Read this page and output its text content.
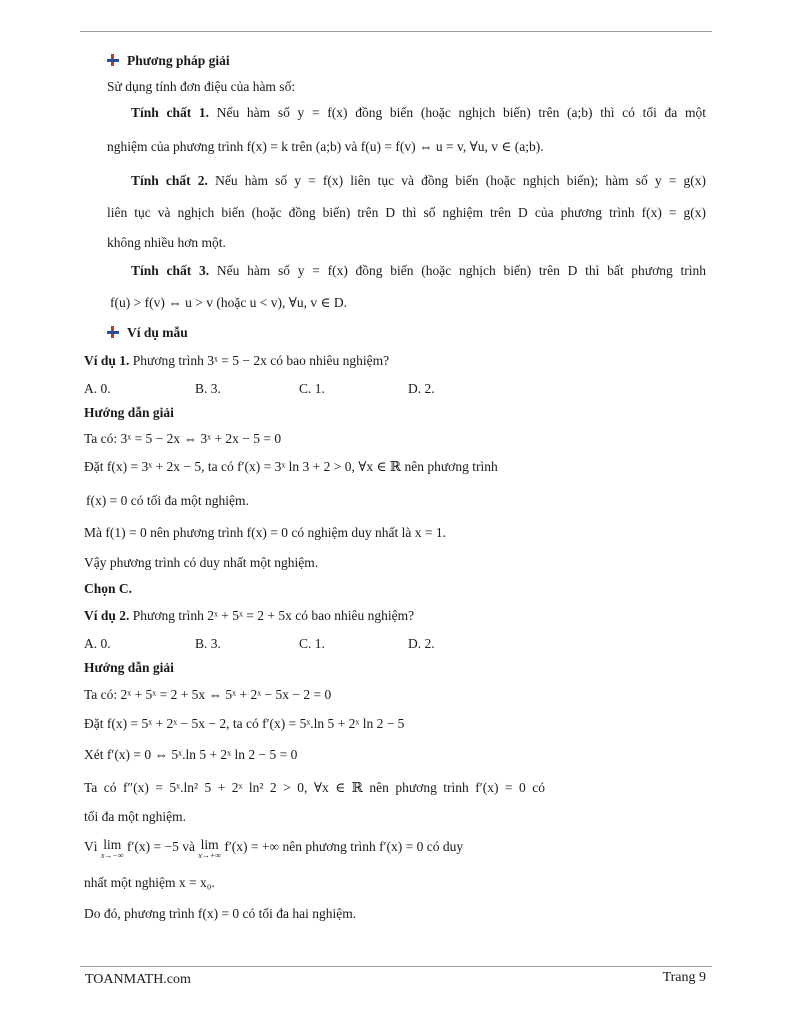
Phương pháp giải
Sử dụng tính đơn điệu của hàm số:
Tính chất 1. Nếu hàm số y = f(x) đồng biến (hoặc nghịch biến) trên (a;b) thì có tối đa một
nghiệm của phương trình f(x) = k trên (a;b) và f(u) = f(v) ⇔ u = v, ∀u, v ∈ (a;b).
Tính chất 2. Nếu hàm số y = f(x) liên tục và đồng biến (hoặc nghịch biến); hàm số y = g(x)
liên tục và nghịch biến (hoặc đồng biến) trên D thì số nghiệm trên D của phương trình f(x) = g(x)
không nhiều hơn một.
Tính chất 3. Nếu hàm số y = f(x) đồng biến (hoặc nghịch biến) trên D thì bất phương trình
f(u) > f(v) ⇔ u > v (hoặc u < v), ∀u, v ∈ D.
Ví dụ mẫu
Ví dụ 1. Phương trình 3ˣ = 5 − 2x có bao nhiêu nghiệm?
A. 0.	B. 3.	C. 1.	D. 2.
Hướng dẫn giải
Ta có: 3ˣ = 5 − 2x ⇔ 3ˣ + 2x − 5 = 0
Đặt f(x) = 3ˣ + 2x − 5, ta có f′(x) = 3ˣ ln 3 + 2 > 0, ∀x ∈ ℝ nên phương trình
f(x) = 0 có tối đa một nghiệm.
Mà f(1) = 0 nên phương trình f(x) = 0 có nghiệm duy nhất là x = 1.
Vậy phương trình có duy nhất một nghiệm.
Chọn C.
Ví dụ 2. Phương trình 2ˣ + 5ˣ = 2 + 5x có bao nhiêu nghiệm?
A. 0.	B. 3.	C. 1.	D. 2.
Hướng dẫn giải
Ta có: 2ˣ + 5ˣ = 2 + 5x ⇔ 5ˣ + 2ˣ − 5x − 2 = 0
Đặt f(x) = 5ˣ + 2ˣ − 5x − 2, ta có f′(x) = 5ˣ.ln 5 + 2ˣ ln 2 − 5
Xét f′(x) = 0 ⇔ 5ˣ.ln 5 + 2ˣ ln 2 − 5 = 0
Ta có f″(x) = 5ˣ.ln² 5 + 2ˣ ln² 2 > 0, ∀x ∈ ℝ nên phương trình f′(x) = 0 có
tối đa một nghiệm.
Vì lim
x→−∞
f′(x) = −5 và lim
x→+∞
f′(x) = +∞ nên phương trình f′(x) = 0 có duy
nhất một nghiệm x = x₀.
Do đó, phương trình f(x) = 0 có tối đa hai nghiệm.
TOANMATH.com	Trang 9
